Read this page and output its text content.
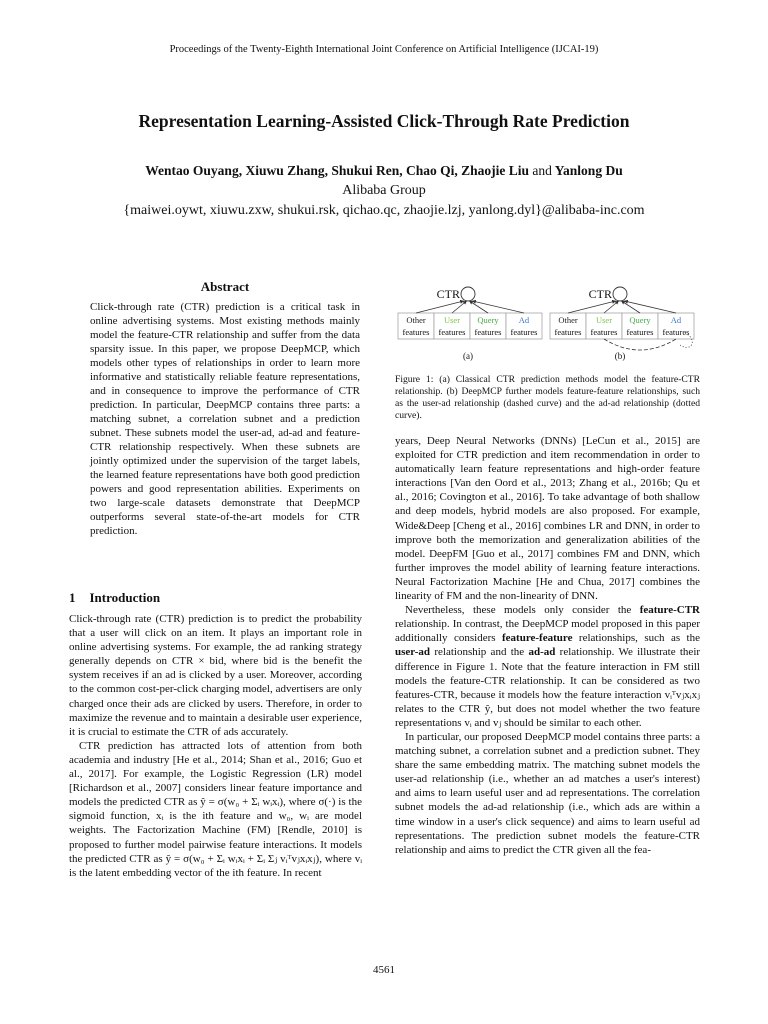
Proceedings of the Twenty-Eighth International Joint Conference on Artificial Intelligence (IJCAI-19)
Representation Learning-Assisted Click-Through Rate Prediction
Wentao Ouyang, Xiuwu Zhang, Shukui Ren, Chao Qi, Zhaojie Liu and Yanlong Du
Alibaba Group
{maiwei.oywt, xiuwu.zxw, shukui.rsk, qichao.qc, zhaojie.lzj, yanlong.dyl}@alibaba-inc.com
Abstract
Click-through rate (CTR) prediction is a critical task in online advertising systems. Most existing methods mainly model the feature-CTR relationship and suffer from the data sparsity issue. In this paper, we propose DeepMCP, which models other types of relationships in order to learn more informative and statistically reliable feature representations, and in consequence to improve the performance of CTR prediction. In particular, DeepMCP contains three parts: a matching subnet, a correlation subnet and a prediction subnet. These subnets model the user-ad, ad-ad and feature-CTR relationship respectively. When these subnets are jointly optimized under the supervision of the target labels, the learned feature representations have both good prediction powers and good representation abilities. Experiments on two large-scale datasets demonstrate that DeepMCP outperforms several state-of-the-art models for CTR prediction.
1 Introduction

Click-through rate (CTR) prediction is to predict the probability that a user will click on an item. It plays an important role in online advertising systems. For example, the ad ranking strategy generally depends on CTR × bid, where bid is the benefit the system receives if an ad is clicked by a user. Moreover, according to the common cost-per-click charging model, advertisers are only charged once their ads are clicked by users. Therefore, in order to maximize the revenue and to maintain a desirable user experience, it is crucial to estimate the CTR of ads accurately.

CTR prediction has attracted lots of attention from both academia and industry [He et al., 2014; Shan et al., 2016; Guo et al., 2017]. For example, the Logistic Regression (LR) model [Richardson et al., 2007] considers linear feature importance and models the predicted CTR as ŷ = σ(w₀ + Σᵢ wᵢxᵢ), where σ(·) is the sigmoid function, xᵢ is the ith feature and w₀, wᵢ are model weights. The Factorization Machine (FM) [Rendle, 2010] is proposed to further model pairwise feature interactions. It models the predicted CTR as ŷ = σ(w₀ + Σᵢ wᵢxᵢ + Σᵢ Σⱼ vᵢᵀvⱼxᵢxⱼ), where vᵢ is the latent embedding vector of the ith feature. In recent

CTR
Other
features
User
features
Query
features
Ad
features
(a)
CTR
Other
features
User
features
Query
features
Ad
features
(b)
Figure 1: (a) Classical CTR prediction methods model the feature-CTR relationship. (b) DeepMCP further models feature-feature relationships, such as the user-ad relationship (dashed curve) and the ad-ad relationship (dotted curve).

years, Deep Neural Networks (DNNs) [LeCun et al., 2015] are exploited for CTR prediction and item recommendation in order to automatically learn feature representations and high-order feature interactions [Van den Oord et al., 2013; Zhang et al., 2016b; Qu et al., 2016; Covington et al., 2016]. To take advantage of both shallow and deep models, hybrid models are also proposed. For example, Wide&Deep [Cheng et al., 2016] combines LR and DNN, in order to improve both the memorization and generalization abilities of the model. DeepFM [Guo et al., 2017] combines FM and DNN, which further improves the model ability of learning feature interactions. Neural Factorization Machine [He and Chua, 2017] combines the linearity of FM and the non-linearity of DNN.

Nevertheless, these models only consider the feature-CTR relationship. In contrast, the DeepMCP model proposed in this paper additionally considers feature-feature relationships, such as the user-ad relationship and the ad-ad relationship. We illustrate their difference in Figure 1. Note that the feature interaction in FM still models the feature-CTR relationship. It can be considered as two features-CTR, because it models how the feature interaction vᵢᵀvⱼxᵢxⱼ relates to the CTR ŷ, but does not model whether the two feature representations vᵢ and vⱼ should be similar to each other.

In particular, our proposed DeepMCP model contains three parts: a matching subnet, a correlation subnet and a prediction subnet. They share the same embedding matrix. The matching subnet models the user-ad relationship (i.e., whether an ad matches a user's interest) and aims to learn useful user and ad representations. The correlation subnet models the ad-ad relationship (i.e., which ads are within a time window in a user's click sequence) and aims to learn useful ad representations. The prediction subnet models the feature-CTR relationship and aims to predict the CTR given all the fea-

4561
